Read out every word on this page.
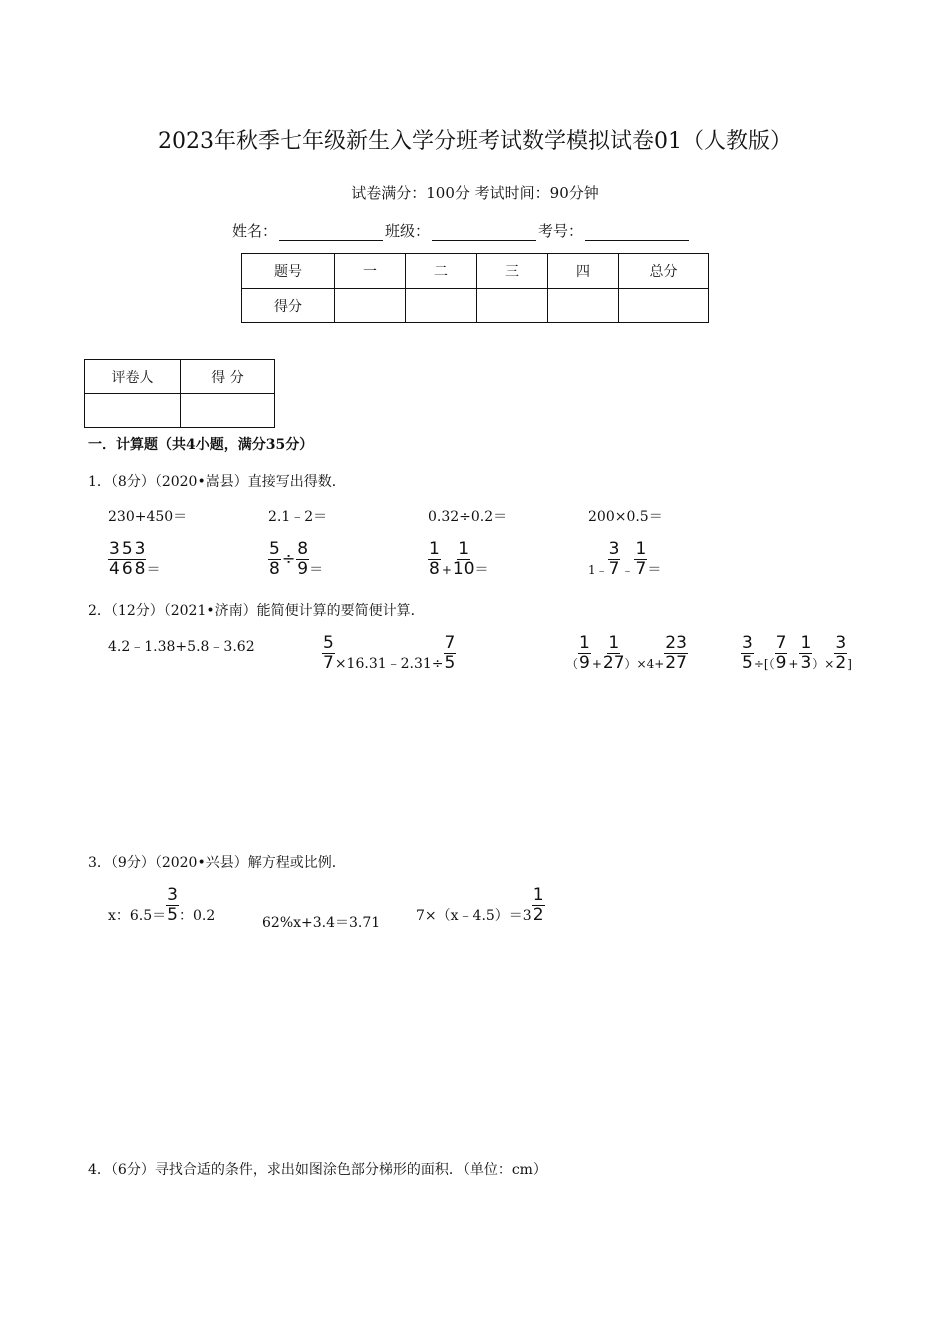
2023年秋季七年级新生入学分班考试数学模拟试卷01（人教版）
试卷满分：100分 考试时间：90分钟
姓名：	班级：	考号：
题号	一	二	三	四	总分
得分					
评卷人	得 分

一．计算题（共4小题，满分35分）
1．（8分）（2020•嵩县）直接写出得数．
230+450＝	2.1﹣2＝	0.32÷0.2＝	200×0.5＝
$\frac{3}{4} \frac{5}{6} \frac{3}{8}$ ＝	$\frac{5}{8} \div \frac{8}{9}$ ＝	$\frac{1}{8} _+ \frac{1}{10}$ ＝	$_{1﹣} \frac{3}{7} _﹣ \frac{1}{7}$ ＝
2．（12分）（2021•济南）能简便计算的要简便计算．
4.2﹣1.38+5.8﹣3.62	$\frac{5}{7}$ ×16.31﹣2.31÷ $\frac{7}{5}$	$_( \frac{1}{9} _+ \frac{1}{27} _{)\times 4+} \frac{23}{27}$	$\frac{3}{5} _{\div[(} \frac{7}{9} _+ \frac{1}{3} _{)\times} \frac{3}{2} _]$
3．（9分）（2020•兴县）解方程或比例．
x：$6.5= \frac{3}{5}$ ：0.2	62%x+3.4＝3.71	7×（x﹣4.5）＝3 $\frac{1}{2}$
4．（6分）寻找合适的条件，求出如图涂色部分梯形的面积．（单位：cm）
